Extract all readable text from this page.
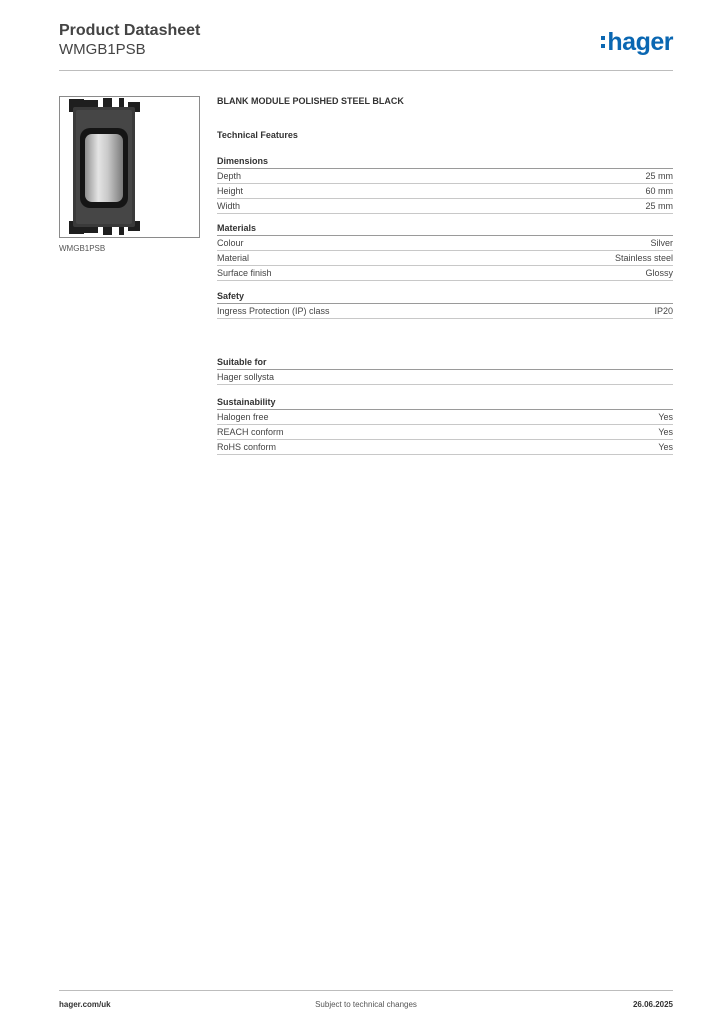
Product Datasheet
WMGB1PSB	hager
WMGB1PSB
BLANK MODULE POLISHED STEEL BLACK
Technical Features
Dimensions
Depth	25 mm
Height	60 mm
Width	25 mm
Materials
Colour	Silver
Material	Stainless steel
Surface finish	Glossy
Safety
Ingress Protection (IP) class	IP20
Suitable for
Hager sollysta
Sustainability
Halogen free	Yes
REACH conform	Yes
RoHS conform	Yes
hager.com/uk	Subject to technical changes	26.06.2025
